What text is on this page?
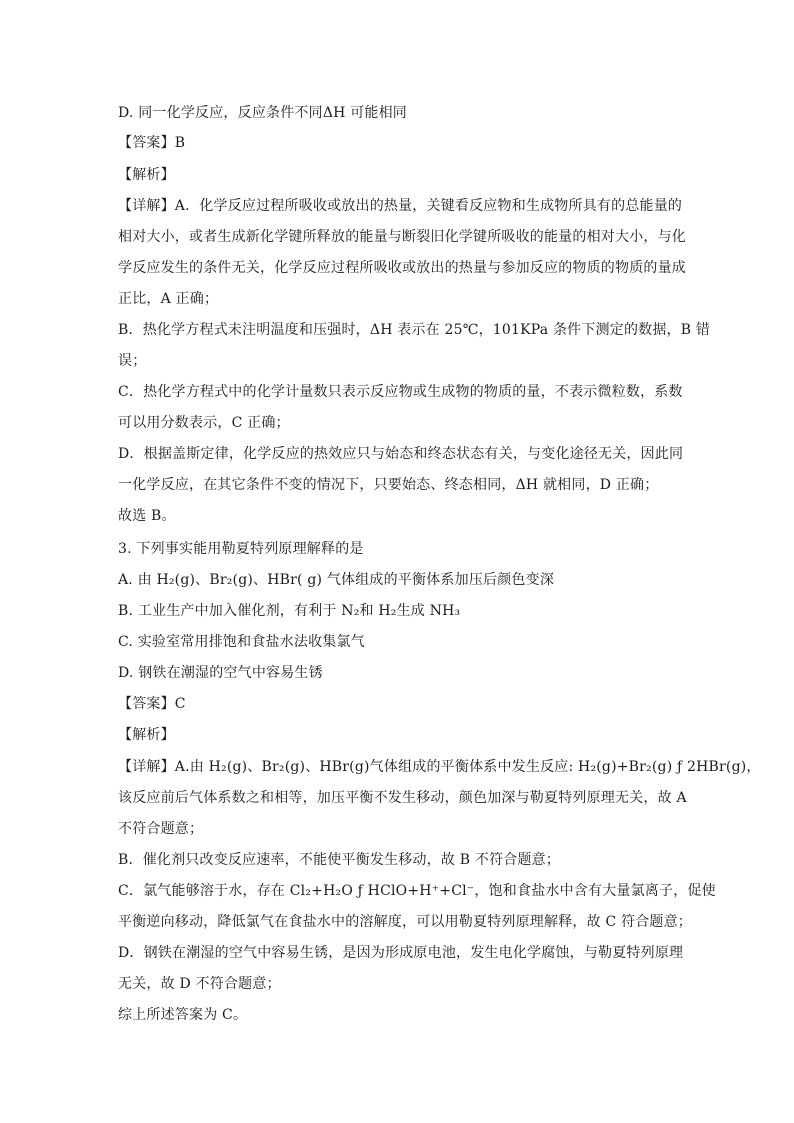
D. 同一化学反应，反应条件不同ΔH 可能相同
【答案】B
【解析】
【详解】A．化学反应过程所吸收或放出的热量，关键看反应物和生成物所具有的总能量的
相对大小，或者生成新化学键所释放的能量与断裂旧化学键所吸收的能量的相对大小，与化
学反应发生的条件无关，化学反应过程所吸收或放出的热量与参加反应的物质的物质的量成
正比，A 正确；
B．热化学方程式未注明温度和压强时，ΔH 表示在 25℃，101KPa 条件下测定的数据，B 错
误；
C．热化学方程式中的化学计量数只表示反应物或生成物的物质的量，不表示微粒数，系数
可以用分数表示，C 正确；
D．根据盖斯定律，化学反应的热效应只与始态和终态状态有关，与变化途径无关，因此同
一化学反应，在其它条件不变的情况下，只要始态、终态相同，ΔH 就相同，D 正确；
故选 B。
3. 下列事实能用勒夏特列原理解释的是
A. 由 H₂(g)、Br₂(g)、HBr( g) 气体组成的平衡体系加压后颜色变深
B. 工业生产中加入催化剂，有利于 N₂和 H₂生成 NH₃
C. 实验室常用排饱和食盐水法收集氯气
D. 钢铁在潮湿的空气中容易生锈
【答案】C
【解析】
【详解】A.由 H₂(g)、Br₂(g)、HBr(g)气体组成的平衡体系中发生反应: H₂(g)+Br₂(g) ƒ 2HBr(g)，
该反应前后气体系数之和相等，加压平衡不发生移动，颜色加深与勒夏特列原理无关，故 A
不符合题意；
B．催化剂只改变反应速率，不能使平衡发生移动，故 B 不符合题意；
C．氯气能够溶于水，存在 Cl₂+H₂O ƒ HClO+H⁺+Cl⁻，饱和食盐水中含有大量氯离子，促使
平衡逆向移动，降低氯气在食盐水中的溶解度，可以用勒夏特列原理解释，故 C 符合题意；
D．钢铁在潮湿的空气中容易生锈，是因为形成原电池，发生电化学腐蚀，与勒夏特列原理
无关，故 D 不符合题意；
综上所述答案为 C。
